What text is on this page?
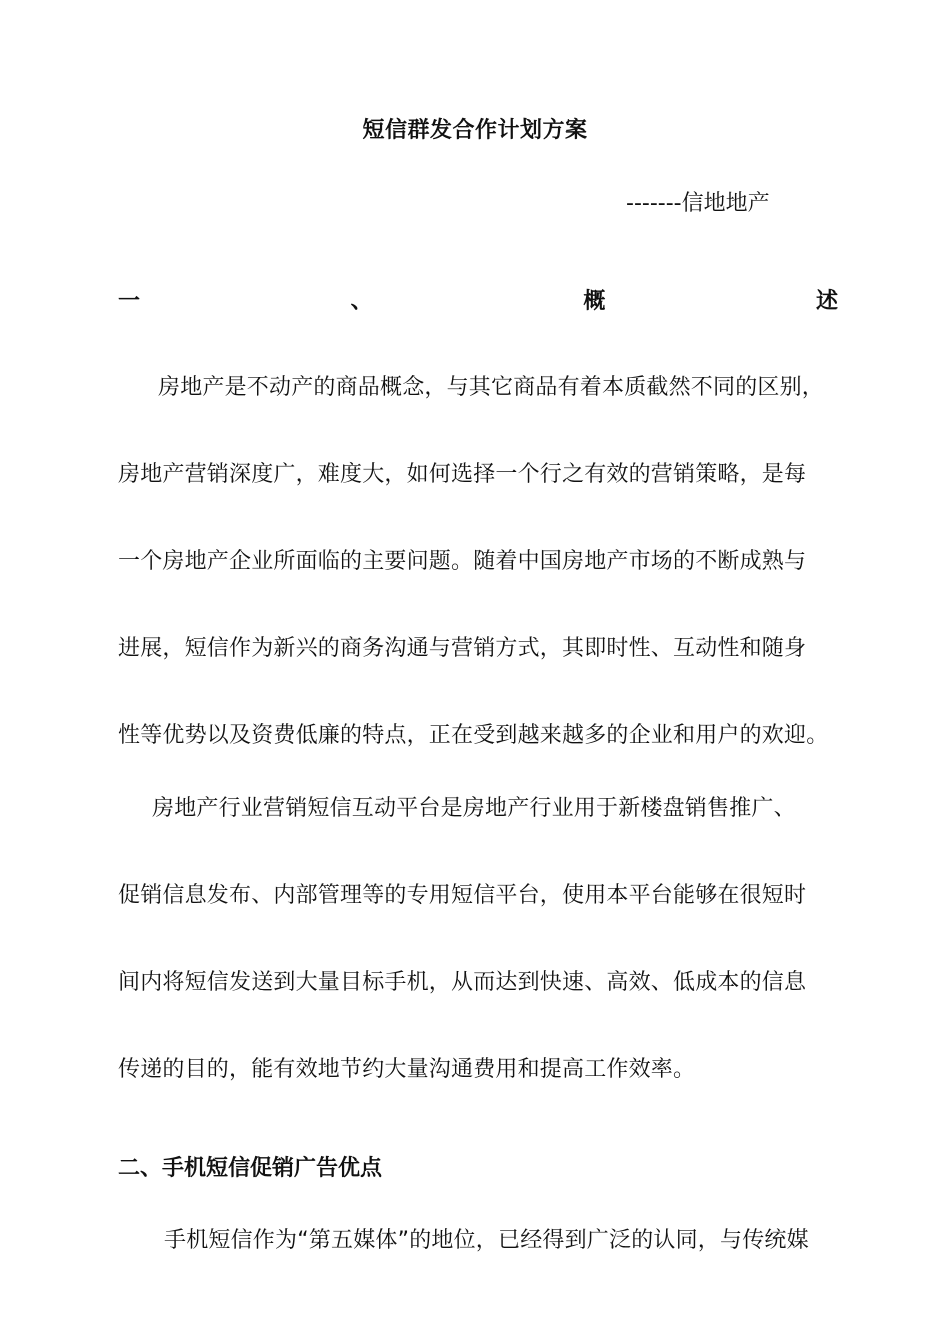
短信群发合作计划方案
-------信地地产
一	、	概	述
房地产是不动产的商品概念，与其它商品有着本质截然不同的区别，
房地产营销深度广，难度大，如何选择一个行之有效的营销策略，是每
一个房地产企业所面临的主要问题。随着中国房地产市场的不断成熟与
进展，短信作为新兴的商务沟通与营销方式，其即时性、互动性和随身
性等优势以及资费低廉的特点，正在受到越来越多的企业和用户的欢迎。
房地产行业营销短信互动平台是房地产行业用于新楼盘销售推广、
促销信息发布、内部管理等的专用短信平台，使用本平台能够在很短时
间内将短信发送到大量目标手机，从而达到快速、高效、低成本的信息
传递的目的，能有效地节约大量沟通费用和提高工作效率。
二、手机短信促销广告优点
手机短信作为“第五媒体”的地位，已经得到广泛的认同，与传统媒
